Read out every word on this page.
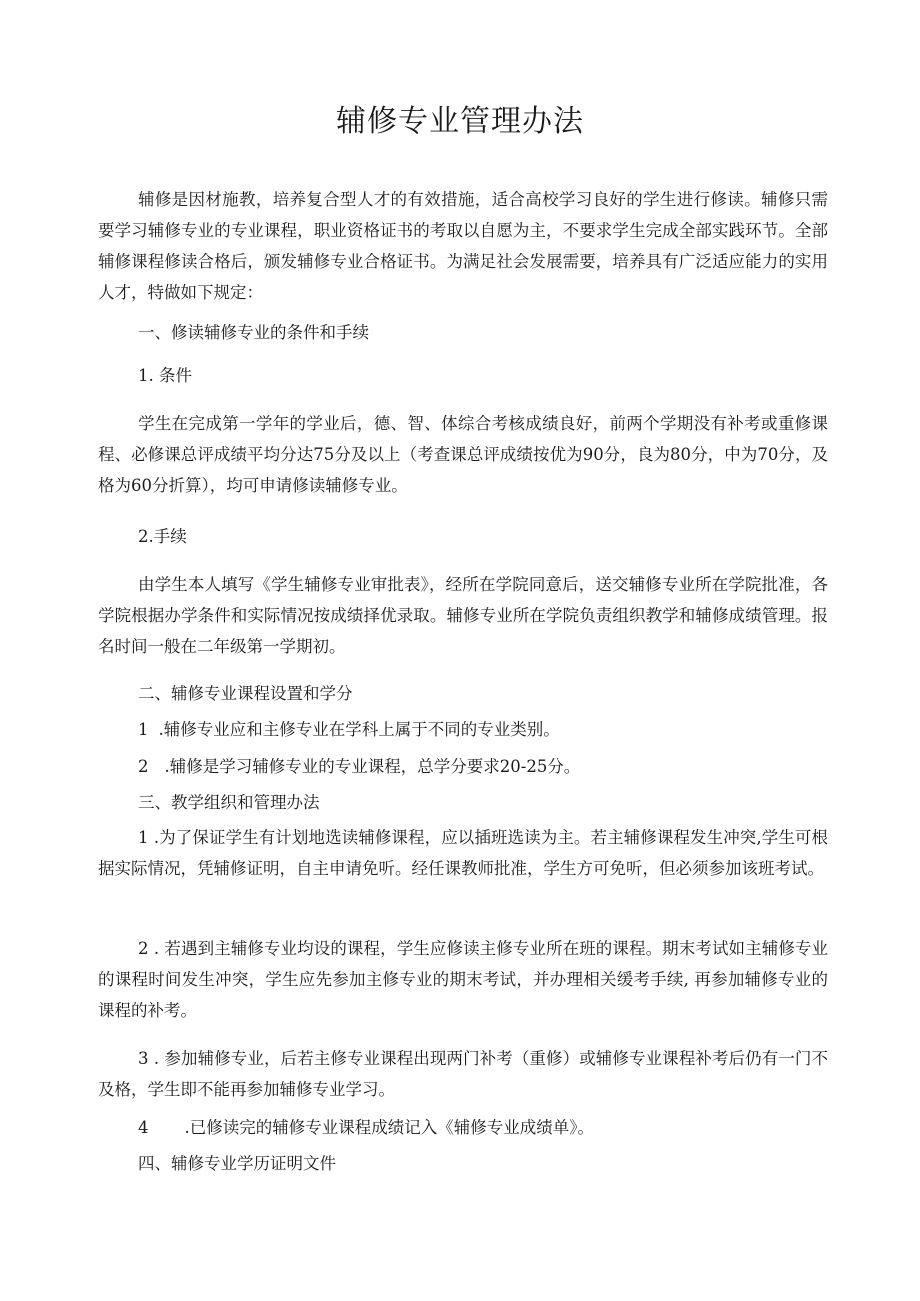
辅修专业管理办法

辅修是因材施教，培养复合型人才的有效措施，适合高校学习良好的学生进行修读。辅修只需要学习辅修专业的专业课程，职业资格证书的考取以自愿为主，不要求学生完成全部实践环节。全部辅修课程修读合格后，颁发辅修专业合格证书。为满足社会发展需要，培养具有广泛适应能力的实用人才，特做如下规定：

一、修读辅修专业的条件和手续
1. 条件

学生在完成第一学年的学业后，德、智、体综合考核成绩良好，前两个学期没有补考或重修课程、必修课总评成绩平均分达75分及以上（考查课总评成绩按优为90分，良为80分，中为70分，及格为60分折算），均可申请修读辅修专业。

2.手续

由学生本人填写《学生辅修专业审批表》，经所在学院同意后，送交辅修专业所在学院批准，各学院根据办学条件和实际情况按成绩择优录取。辅修专业所在学院负责组织教学和辅修成绩管理。报名时间一般在二年级第一学期初。

二、辅修专业课程设置和学分
1 .辅修专业应和主修专业在学科上属于不同的专业类别。
2 .辅修是学习辅修专业的专业课程，总学分要求20-25分。
三、教学组织和管理办法

1 .为了保证学生有计划地选读辅修课程，应以插班选读为主。若主辅修课程发生冲突,学生可根据实际情况，凭辅修证明，自主申请免听。经任课教师批准，学生方可免听，但必须参加该班考试。

2 . 若遇到主辅修专业均设的课程，学生应修读主修专业所在班的课程。期末考试如主辅修专业的课程时间发生冲突，学生应先参加主修专业的期末考试，并办理相关缓考手续, 再参加辅修专业的课程的补考。

3 . 参加辅修专业，后若主修专业课程出现两门补考（重修）或辅修专业课程补考后仍有一门不及格，学生即不能再参加辅修专业学习。

4 .已修读完的辅修专业课程成绩记入《辅修专业成绩单》。
四、辅修专业学历证明文件
